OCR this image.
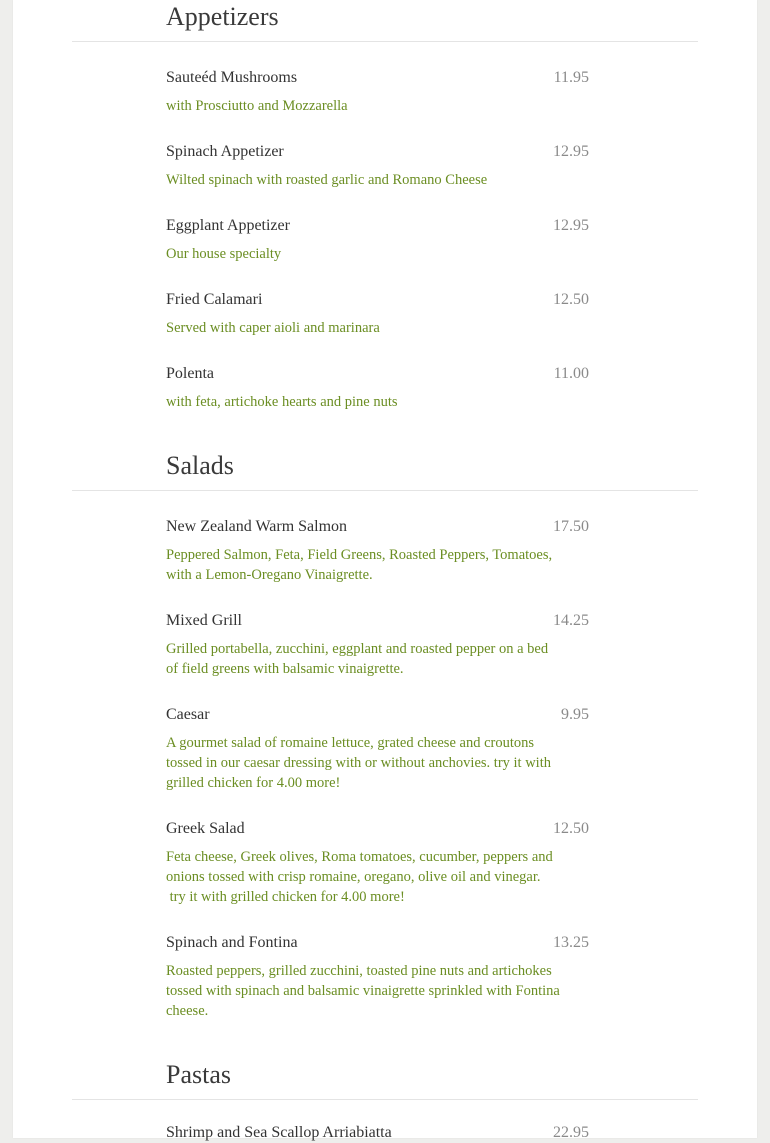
Appetizers
Sauteéd Mushrooms	11.95
with Prosciutto and Mozzarella
Spinach Appetizer	12.95
Wilted spinach with roasted garlic and Romano Cheese
Eggplant Appetizer	12.95
Our house specialty
Fried Calamari	12.50
Served with caper aioli and marinara
Polenta	11.00
with feta, artichoke hearts and pine nuts
Salads
New Zealand Warm Salmon	17.50
Peppered Salmon, Feta, Field Greens, Roasted Peppers, Tomatoes,
with a Lemon-Oregano Vinaigrette.
Mixed Grill	14.25
Grilled portabella, zucchini, eggplant and roasted pepper on a bed
of field greens with balsamic vinaigrette.
Caesar	9.95
A gourmet salad of romaine lettuce, grated cheese and croutons
tossed in our caesar dressing with or without anchovies. try it with
grilled chicken for 4.00 more!
Greek Salad	12.50
Feta cheese, Greek olives, Roma tomatoes, cucumber, peppers and
onions tossed with crisp romaine, oregano, olive oil and vinegar.
try it with grilled chicken for 4.00 more!
Spinach and Fontina	13.25
Roasted peppers, grilled zucchini, toasted pine nuts and artichokes
tossed with spinach and balsamic vinaigrette sprinkled with Fontina
cheese.
Pastas
Shrimp and Sea Scallop Arriabiatta	22.95
